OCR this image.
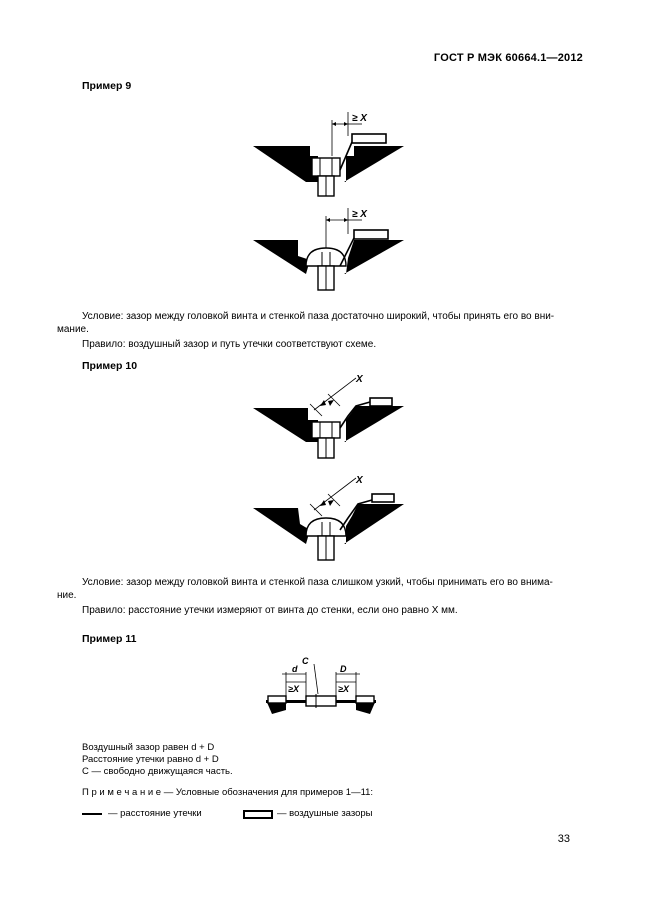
ГОСТ Р МЭК 60664.1—2012
Пример 9
≥ X
≥ X
Условие: зазор между головкой винта и стенкой паза достаточно широкий, чтобы принять его во вни-
мание.
Правило: воздушный зазор и путь утечки соответствуют схеме.
Пример 10
X
X
Условие: зазор между головкой винта и стенкой паза слишком узкий, чтобы принимать его во внима-
ние.
Правило: расстояние утечки измеряют от винта до стенки, если оно равно X мм.
Пример 11
C
d	D
≥X	≥X
Воздушный зазор равен d + D
Расстояние утечки равно d + D
C — свободно движущаяся часть.
П р и м е ч а н и е — Условные обозначения для примеров 1—11:
— расстояние утечки	— воздушные зазоры
33
